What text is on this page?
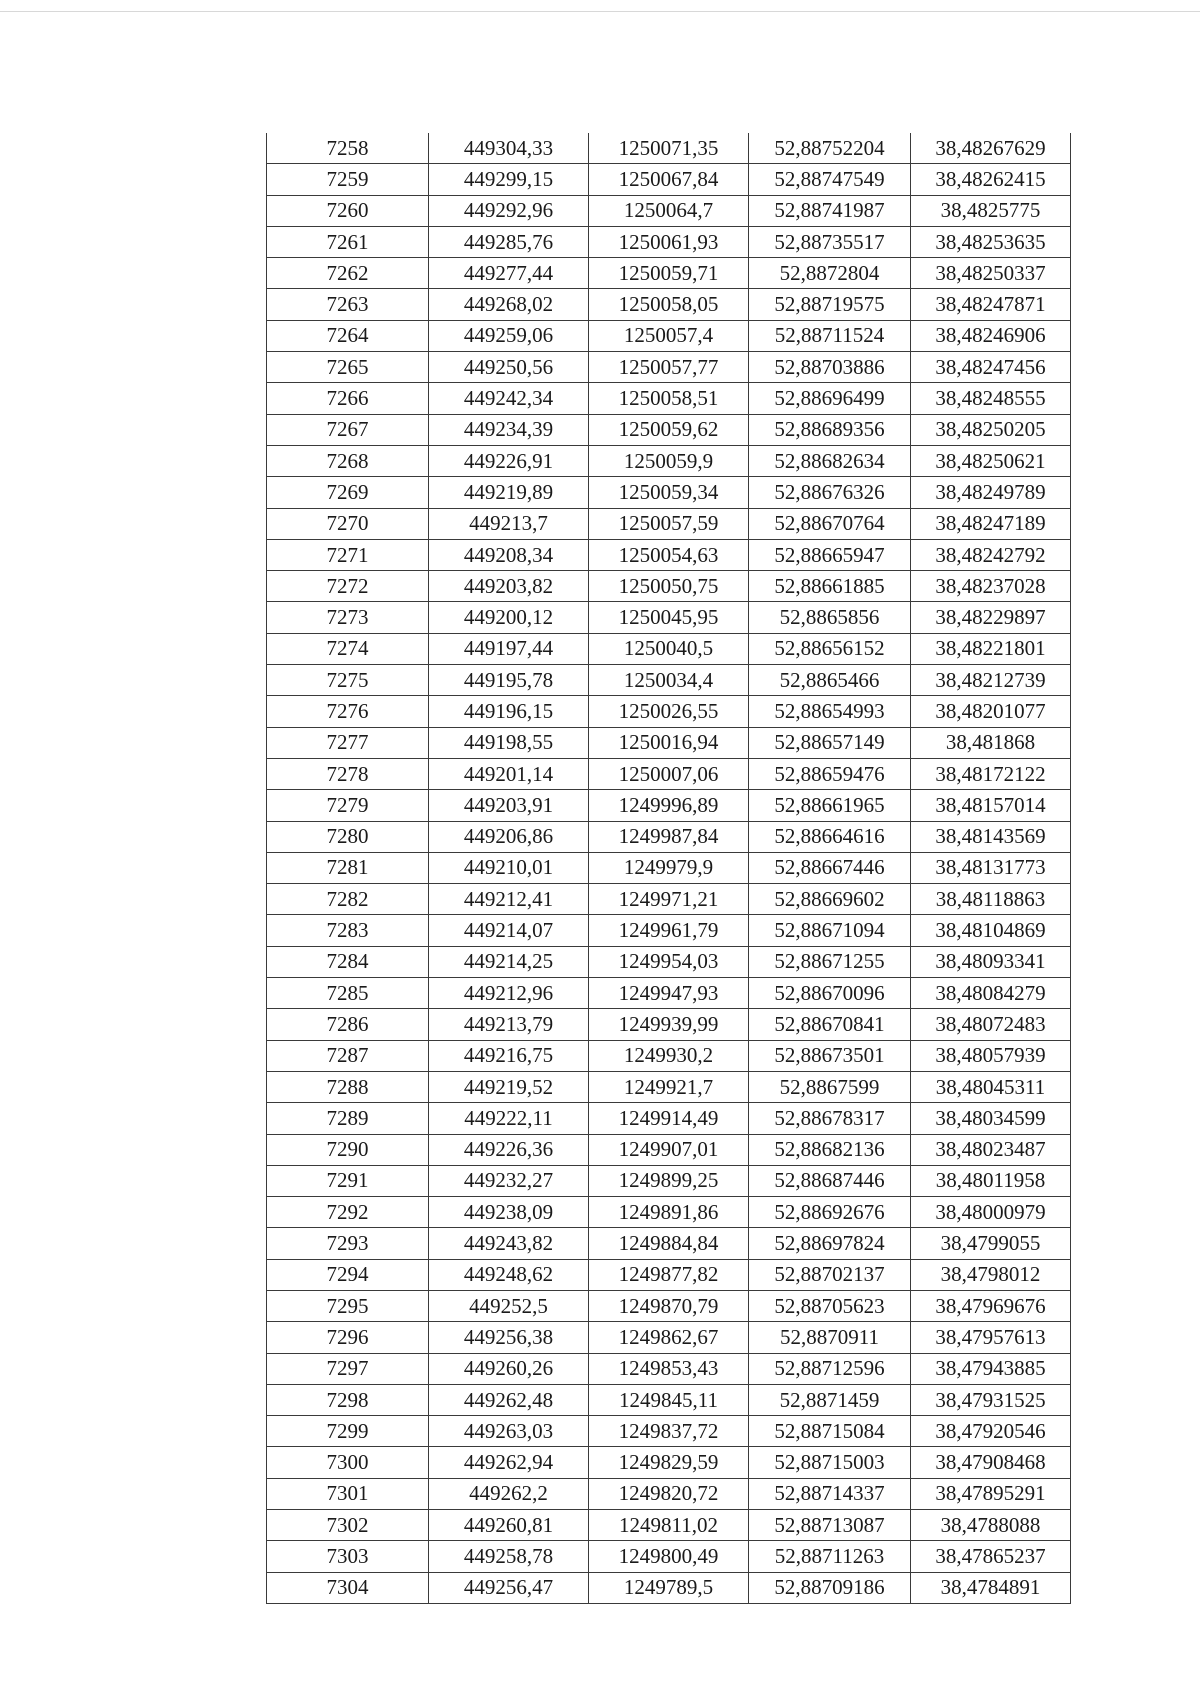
7258	449304,33	1250071,35	52,88752204	38,48267629
7259	449299,15	1250067,84	52,88747549	38,48262415
7260	449292,96	1250064,7	52,88741987	38,4825775
7261	449285,76	1250061,93	52,88735517	38,48253635
7262	449277,44	1250059,71	52,8872804	38,48250337
7263	449268,02	1250058,05	52,88719575	38,48247871
7264	449259,06	1250057,4	52,88711524	38,48246906
7265	449250,56	1250057,77	52,88703886	38,48247456
7266	449242,34	1250058,51	52,88696499	38,48248555
7267	449234,39	1250059,62	52,88689356	38,48250205
7268	449226,91	1250059,9	52,88682634	38,48250621
7269	449219,89	1250059,34	52,88676326	38,48249789
7270	449213,7	1250057,59	52,88670764	38,48247189
7271	449208,34	1250054,63	52,88665947	38,48242792
7272	449203,82	1250050,75	52,88661885	38,48237028
7273	449200,12	1250045,95	52,8865856	38,48229897
7274	449197,44	1250040,5	52,88656152	38,48221801
7275	449195,78	1250034,4	52,8865466	38,48212739
7276	449196,15	1250026,55	52,88654993	38,48201077
7277	449198,55	1250016,94	52,88657149	38,481868
7278	449201,14	1250007,06	52,88659476	38,48172122
7279	449203,91	1249996,89	52,88661965	38,48157014
7280	449206,86	1249987,84	52,88664616	38,48143569
7281	449210,01	1249979,9	52,88667446	38,48131773
7282	449212,41	1249971,21	52,88669602	38,48118863
7283	449214,07	1249961,79	52,88671094	38,48104869
7284	449214,25	1249954,03	52,88671255	38,48093341
7285	449212,96	1249947,93	52,88670096	38,48084279
7286	449213,79	1249939,99	52,88670841	38,48072483
7287	449216,75	1249930,2	52,88673501	38,48057939
7288	449219,52	1249921,7	52,8867599	38,48045311
7289	449222,11	1249914,49	52,88678317	38,48034599
7290	449226,36	1249907,01	52,88682136	38,48023487
7291	449232,27	1249899,25	52,88687446	38,48011958
7292	449238,09	1249891,86	52,88692676	38,48000979
7293	449243,82	1249884,84	52,88697824	38,4799055
7294	449248,62	1249877,82	52,88702137	38,4798012
7295	449252,5	1249870,79	52,88705623	38,47969676
7296	449256,38	1249862,67	52,8870911	38,47957613
7297	449260,26	1249853,43	52,88712596	38,47943885
7298	449262,48	1249845,11	52,8871459	38,47931525
7299	449263,03	1249837,72	52,88715084	38,47920546
7300	449262,94	1249829,59	52,88715003	38,47908468
7301	449262,2	1249820,72	52,88714337	38,47895291
7302	449260,81	1249811,02	52,88713087	38,4788088
7303	449258,78	1249800,49	52,88711263	38,47865237
7304	449256,47	1249789,5	52,88709186	38,4784891
